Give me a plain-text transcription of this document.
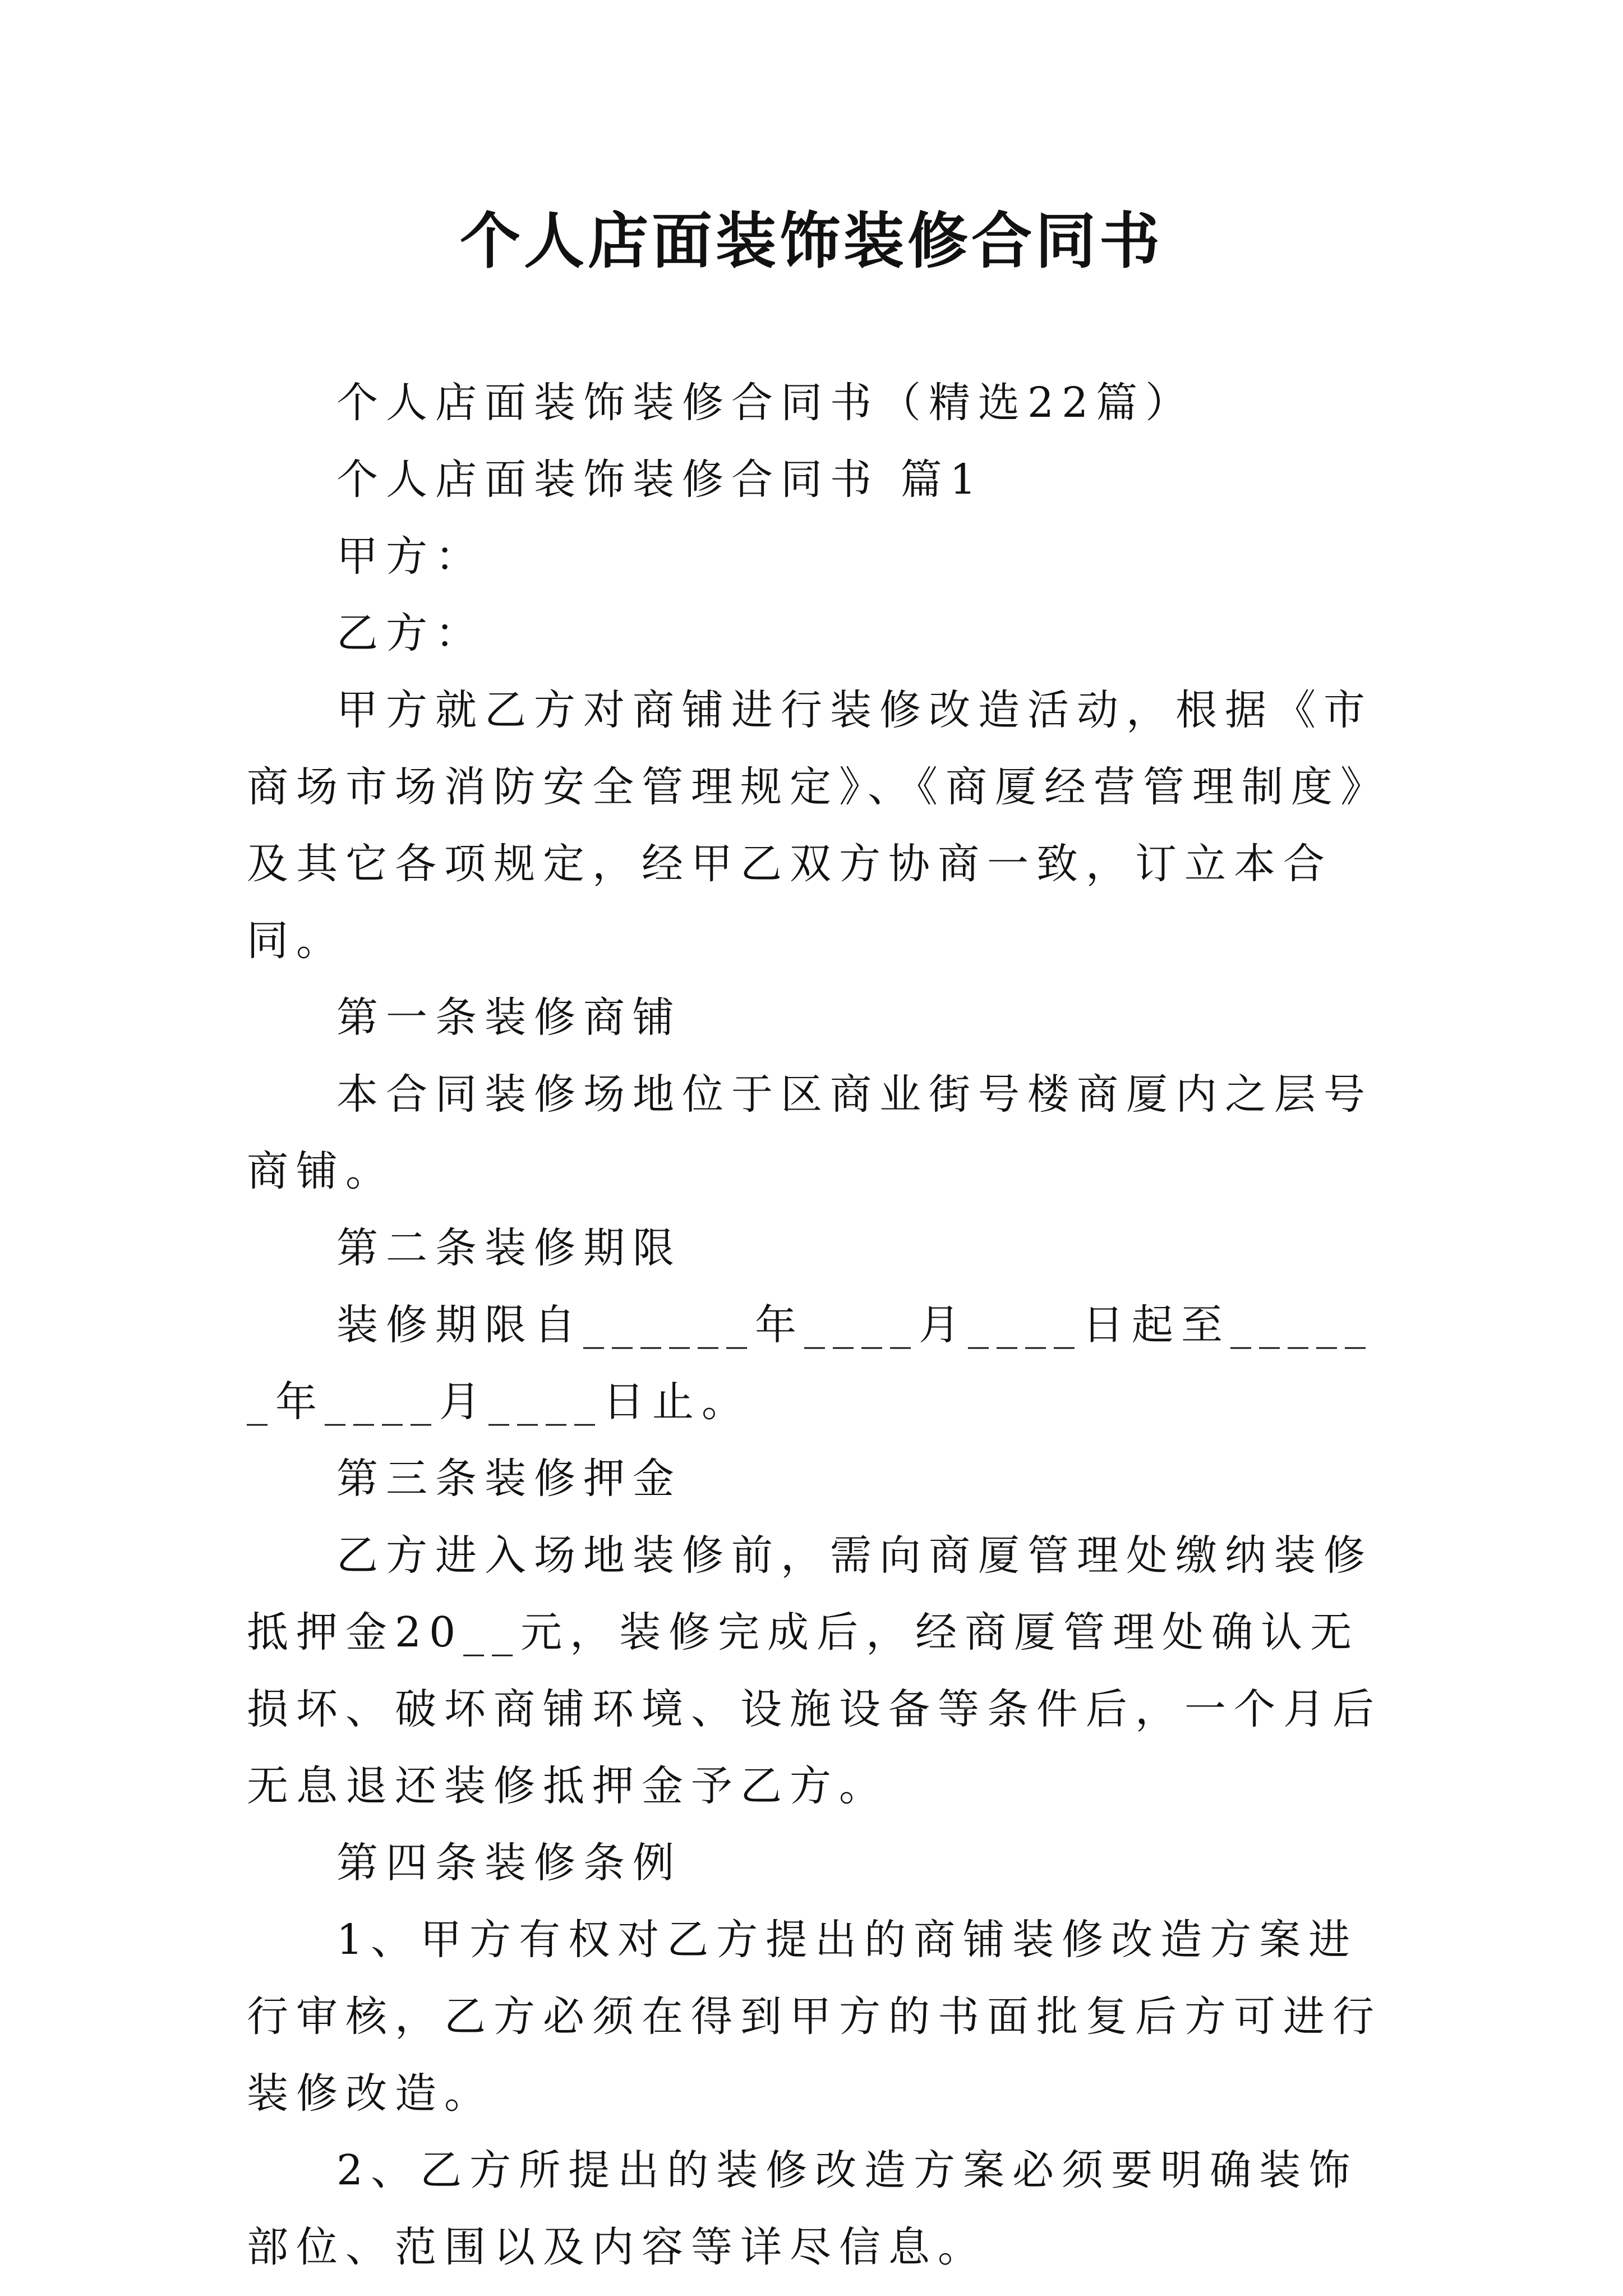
个人店面装饰装修合同书

个人店面装饰装修合同书（精选22篇）

个人店面装饰装修合同书 篇1

甲方：

乙方：

甲方就乙方对商铺进行装修改造活动，根据《市商场市场消防安全管理规定》、《商厦经营管理制度》及其它各项规定，经甲乙双方协商一致，订立本合同。

第一条装修商铺

本合同装修场地位于区商业街号楼商厦内之层号商铺。

第二条装修期限

装修期限自______年____月____日起至______年____月____日止。

第三条装修押金

乙方进入场地装修前，需向商厦管理处缴纳装修抵押金20__元，装修完成后，经商厦管理处确认无损坏、破坏商铺环境、设施设备等条件后，一个月后无息退还装修抵押金予乙方。

第四条装修条例

1、甲方有权对乙方提出的商铺装修改造方案进行审核，乙方必须在得到甲方的书面批复后方可进行装修改造。

2、乙方所提出的装修改造方案必须要明确装饰部位、范围以及内容等详尽信息。
